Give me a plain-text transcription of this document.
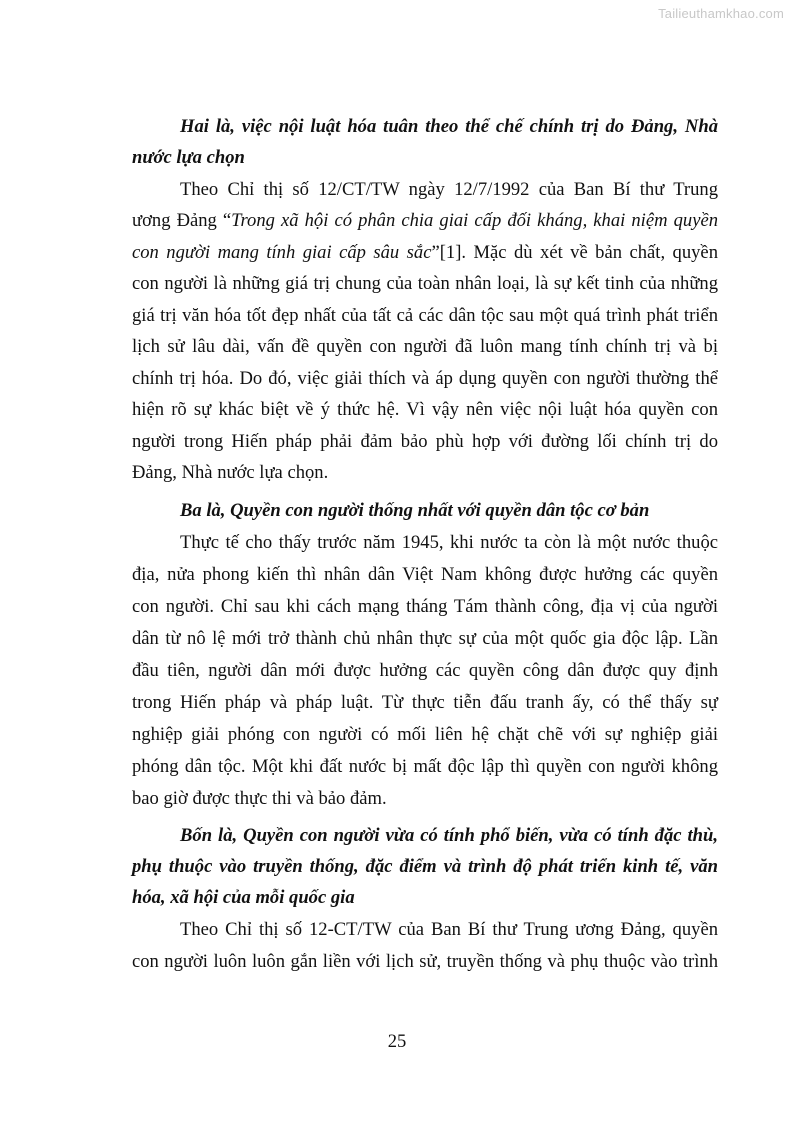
Tailieuthamkhao.com
Hai là, việc nội luật hóa tuân theo thể chế chính trị do Đảng, Nhà
nước lựa chọn
Theo Chỉ thị số 12/CT/TW ngày 12/7/1992 của Ban Bí thư Trung
ương Đảng “Trong xã hội có phân chia giai cấp đối kháng, khai niệm quyền
con người mang tính giai cấp sâu sắc”[1]. Mặc dù xét về bản chất, quyền
con người là những giá trị chung của toàn nhân loại, là sự kết tinh của những
giá trị văn hóa tốt đẹp nhất của tất cả các dân tộc sau một quá trình phát triển
lịch sử lâu dài, vấn đề quyền con người đã luôn mang tính chính trị và bị
chính trị hóa. Do đó, việc giải thích và áp dụng quyền con người thường thể
hiện rõ sự khác biệt về ý thức hệ. Vì vậy nên việc nội luật hóa quyền con
người trong Hiến pháp phải đảm bảo phù hợp với đường lối chính trị do
Đảng, Nhà nước lựa chọn.
Ba là, Quyền con người thống nhất với quyền dân tộc cơ bản
Thực tế cho thấy trước năm 1945, khi nước ta còn là một nước thuộc
địa, nửa phong kiến thì nhân dân Việt Nam không được hưởng các quyền
con người. Chỉ sau khi cách mạng tháng Tám thành công, địa vị của người
dân từ nô lệ mới trở thành chủ nhân thực sự của một quốc gia độc lập. Lần
đầu tiên, người dân mới được hưởng các quyền công dân được quy định
trong Hiến pháp và pháp luật. Từ thực tiễn đấu tranh ấy, có thể thấy sự
nghiệp giải phóng con người có mối liên hệ chặt chẽ với sự nghiệp giải
phóng dân tộc. Một khi đất nước bị mất độc lập thì quyền con người không
bao giờ được thực thi và bảo đảm.
Bốn là, Quyền con người vừa có tính phổ biến, vừa có tính đặc thù,
phụ thuộc vào truyền thống, đặc điểm và trình độ phát triển kinh tế, văn
hóa, xã hội của mỗi quốc gia
Theo Chỉ thị số 12-CT/TW của Ban Bí thư Trung ương Đảng, quyền
con người luôn luôn gắn liền với lịch sử, truyền thống và phụ thuộc vào trình
25
